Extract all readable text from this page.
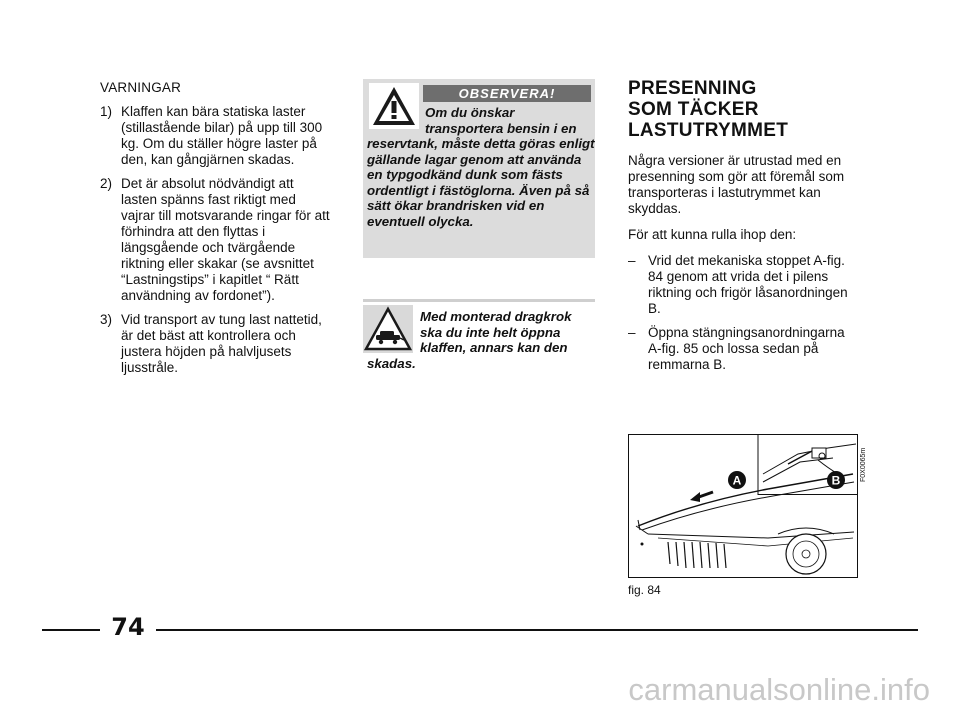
VARNINGAR
1) Klaffen kan bära statiska laster (stillastående bilar) på upp till 300 kg. Om du ställer högre laster på den, kan gångjärnen skadas.
2) Det är absolut nödvändigt att lasten spänns fast riktigt med vajrar till motsvarande ringar för att förhindra att den flyttas i längsgående och tvärgående riktning eller skakar (se avsnittet “Lastningstips” i kapitlet “ Rätt användning av fordonet”).
3) Vid transport av tung last nattetid, är det bäst att kontrollera och justera höjden på halvljusets ljusstråle.
OBSERVERA!
Om du önskar transportera bensin i en
reservtank, måste detta göras enligt gällande lagar genom att använda en typgodkänd dunk som fästs ordentligt i fästöglorna. Även på så sätt ökar brandrisken vid en eventuell olycka.
Med monterad dragkrok ska du inte helt öppna klaffen, annars kan den
skadas.
PRESENNING
SOM TÄCKER
LASTUTRYMMET
Några versioner är utrustad med en presenning som gör att föremål som transporteras i lastutrymmet kan skyddas.
För att kunna rulla ihop den:
– Vrid det mekaniska stoppet A-fig. 84 genom att vrida det i pilens riktning och frigör låsanordningen B.
– Öppna stängningsanordningarna A-fig. 85 och lossa sedan på remmarna B.
A	B	F0X0065m
fig. 84
74
carmanualsonline.info
